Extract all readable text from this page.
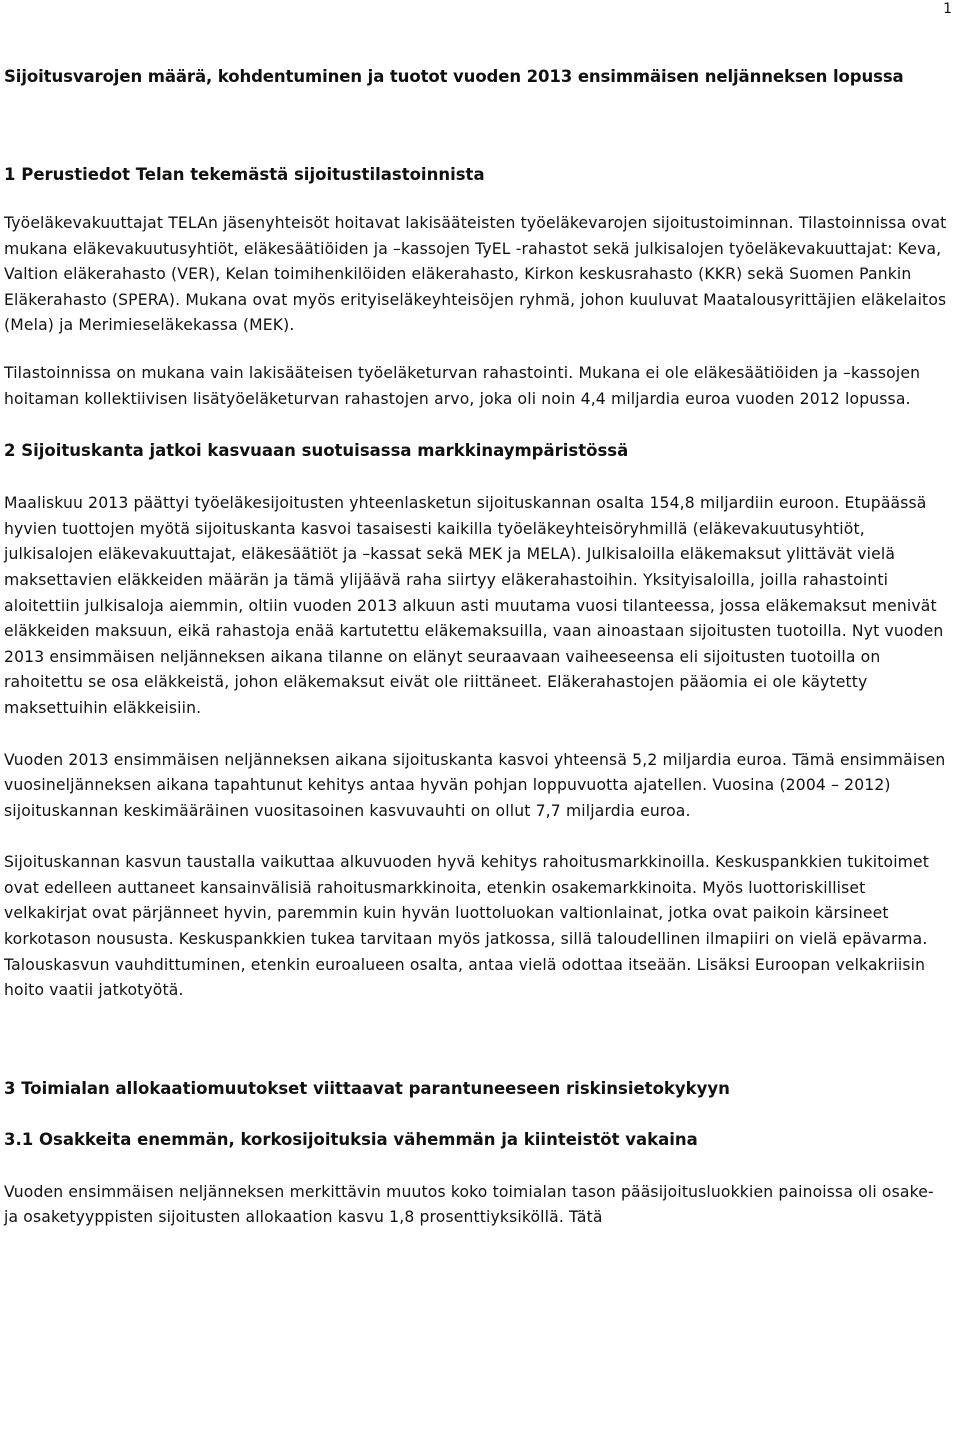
1
Sijoitusvarojen määrä, kohdentuminen ja tuotot vuoden 2013 ensimmäisen neljänneksen lopussa
1 Perustiedot Telan tekemästä sijoitustilastoinnista

Työeläkevakuuttajat TELAn jäsenyhteisöt hoitavat lakisääteisten työeläkevarojen sijoitustoiminnan. Tilastoinnissa ovat mukana eläkevakuutusyhtiöt, eläkesäätiöiden ja –kassojen TyEL -rahastot sekä julkisalojen työeläkevakuuttajat: Keva, Valtion eläkerahasto (VER), Kelan toimihenkilöiden eläkerahasto, Kirkon keskusrahasto (KKR) sekä Suomen Pankin Eläkerahasto (SPERA). Mukana ovat myös erityiseläkeyhteisöjen ryhmä, johon kuuluvat Maatalousyrittäjien eläkelaitos (Mela) ja Merimieseläkekassa (MEK).

Tilastoinnissa on mukana vain lakisääteisen työeläketurvan rahastointi. Mukana ei ole eläkesäätiöiden ja –kassojen hoitaman kollektiivisen lisätyöeläketurvan rahastojen arvo, joka oli noin 4,4 miljardia euroa vuoden 2012 lopussa.

2 Sijoituskanta jatkoi kasvuaan suotuisassa markkinaympäristössä

Maaliskuu 2013 päättyi työeläkesijoitusten yhteenlasketun sijoituskannan osalta 154,8 miljardiin euroon. Etupäässä hyvien tuottojen myötä sijoituskanta kasvoi tasaisesti kaikilla työeläkeyhteisöryhmillä (eläkevakuutusyhtiöt, julkisalojen eläkevakuuttajat, eläkesäätiöt ja –kassat sekä MEK ja MELA). Julkisaloilla eläkemaksut ylittävät vielä maksettavien eläkkeiden määrän ja tämä ylijäävä raha siirtyy eläkerahastoihin. Yksityisaloilla, joilla rahastointi aloitettiin julkisaloja aiemmin, oltiin vuoden 2013 alkuun asti muutama vuosi tilanteessa, jossa eläkemaksut menivät eläkkeiden maksuun, eikä rahastoja enää kartutettu eläkemaksuilla, vaan ainoastaan sijoitusten tuotoilla. Nyt vuoden 2013 ensimmäisen neljänneksen aikana tilanne on elänyt seuraavaan vaiheeseensa eli sijoitusten tuotoilla on rahoitettu se osa eläkkeistä, johon eläkemaksut eivät ole riittäneet. Eläkerahastojen pääomia ei ole käytetty maksettuihin eläkkeisiin.

Vuoden 2013 ensimmäisen neljänneksen aikana sijoituskanta kasvoi yhteensä 5,2 miljardia euroa. Tämä ensimmäisen vuosineljänneksen aikana tapahtunut kehitys antaa hyvän pohjan loppuvuotta ajatellen. Vuosina (2004 – 2012) sijoituskannan keskimääräinen vuositasoinen kasvuvauhti on ollut 7,7 miljardia euroa.

Sijoituskannan kasvun taustalla vaikuttaa alkuvuoden hyvä kehitys rahoitusmarkkinoilla. Keskuspankkien tukitoimet ovat edelleen auttaneet kansainvälisiä rahoitusmarkkinoita, etenkin osakemarkkinoita. Myös luottoriskilliset velkakirjat ovat pärjänneet hyvin, paremmin kuin hyvän luottoluokan valtionlainat, jotka ovat paikoin kärsineet korkotason noususta. Keskuspankkien tukea tarvitaan myös jatkossa, sillä taloudellinen ilmapiiri on vielä epävarma. Talouskasvun vauhdittuminen, etenkin euroalueen osalta, antaa vielä odottaa itseään. Lisäksi Euroopan velkakriisin hoito vaatii jatkotyötä.

3 Toimialan allokaatiomuutokset viittaavat parantuneeseen riskinsietokykyyn
3.1 Osakkeita enemmän, korkosijoituksia vähemmän ja kiinteistöt vakaina

Vuoden ensimmäisen neljänneksen merkittävin muutos koko toimialan tason pääsijoitusluokkien painoissa oli osake- ja osaketyyppisten sijoitusten allokaation kasvu 1,8 prosenttiyksiköllä. Tätä
